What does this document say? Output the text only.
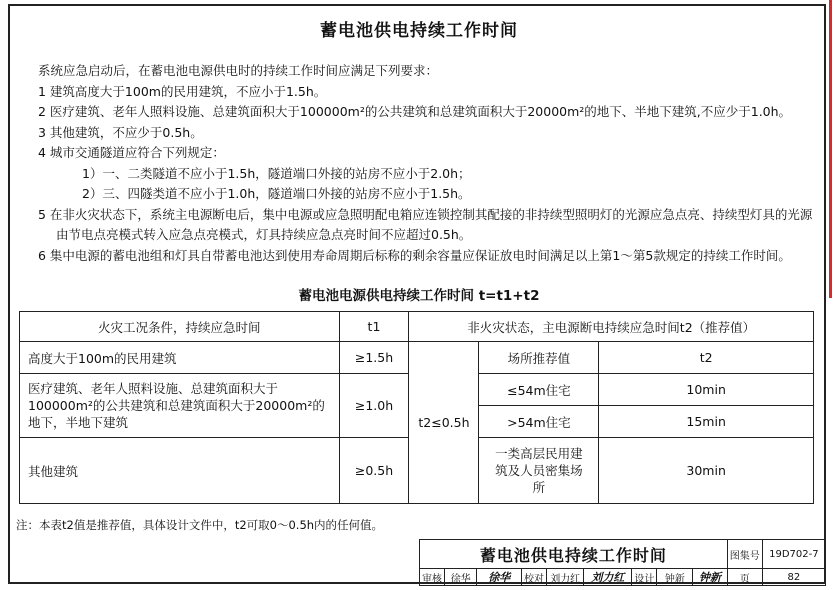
蓄电池供电持续工作时间

系统应急启动后，在蓄电池电源供电时的持续工作时间应满足下列要求：

1 建筑高度大于100m的民用建筑，不应小于1.5h。

2 医疗建筑、老年人照料设施、总建筑面积大于100000m²的公共建筑和总建筑面积大于20000m²的地下、半地下建筑,不应少于1.0h。

3 其他建筑，不应少于0.5h。

4 城市交通隧道应符合下列规定：

1）一、二类隧道不应小于1.5h，隧道端口外接的站房不应小于2.0h；

2）三、四隧类道不应小于1.0h，隧道端口外接的站房不应小于1.5h。

5 在非火灾状态下，系统主电源断电后，集中电源或应急照明配电箱应连锁控制其配接的非持续型照明灯的光源应急点亮、持续型灯具的光源由节电点亮模式转入应急点亮模式，灯具持续应急点亮时间不应超过0.5h。

6 集中电源的蓄电池组和灯具自带蓄电池达到使用寿命周期后标称的剩余容量应保证放电时间满足以上第1～第5款规定的持续工作时间。

蓄电池电源供电持续工作时间 t=t1+t2
火灾工况条件，持续应急时间	t1	非火灾状态，主电源断电持续应急时间t2（推荐值）		
高度大于100m的民用建筑	≥1.5h	t2≤0.5h	场所推荐值	t2
医疗建筑、老年人照料设施、总建筑面积大于100000m²的公共建筑和总建筑面积大于20000m²的地下，半地下建筑	≥1.0h		≤54m住宅	10min
			>54m住宅	15min
其他建筑	≥0.5h		一类高层民用建筑及人员密集场所	30min
注：本表t2值是推荐值，具体设计文件中，t2可取0～0.5h内的任何值。
蓄电池供电持续工作时间									图集号	19D702-7
审核	徐华	徐华	校对	刘力红	刘力红	设计	钟新	钟新	页	82
